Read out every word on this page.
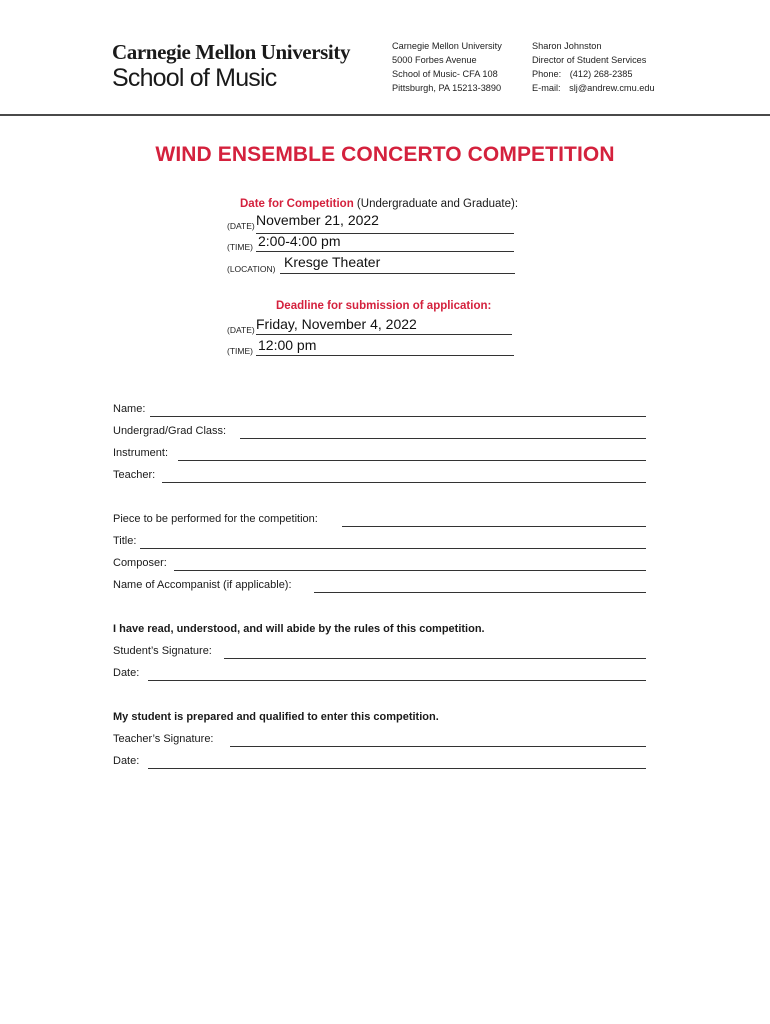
Carnegie Mellon University
School of Music
Carnegie Mellon University
5000 Forbes Avenue
School of Music- CFA 108
Pittsburgh, PA 15213-3890
Sharon Johnston
Director of Student Services
Phone: (412) 268-2385
E-mail: slj@andrew.cmu.edu
WIND ENSEMBLE CONCERTO COMPETITION
Date for Competition (Undergraduate and Graduate):
(DATE) November 21, 2022
(TIME) 2:00-4:00 pm
(LOCATION) Kresge Theater
Deadline for submission of application:
(DATE) Friday, November 4, 2022
(TIME) 12:00 pm
Name:
Undergrad/Grad Class:
Instrument:
Teacher:
Piece to be performed for the competition:
Title:
Composer:
Name of Accompanist (if applicable):
I have read, understood, and will abide by the rules of this competition.
Student’s Signature:
Date:
My student is prepared and qualified to enter this competition.
Teacher’s Signature:
Date:
